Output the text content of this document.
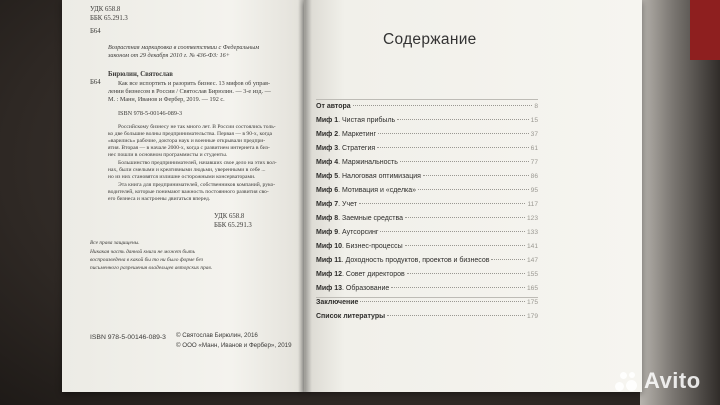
УДК 658.8
ББК 65.291.3
Б64
Возрастная маркировка в соответствии с Федеральным
законом от 29 декабря 2010 г. № 436-ФЗ: 16+
Бирюлин, Святослав
Б64	Как все испортить и разорить бизнес. 13 мифов об управ-
лении бизнесом в России / Святослав Бирюлин. — 3-е изд. —
М. : Манн, Иванов и Фербер, 2019. — 192 с.
ISBN 978-5-00146-089-3
Российскому бизнесу не так много лет. В России состоялись толь-
ко две большие волны предпринимательства. Первая — в 90-х, когда
«варились» рабочие, доктора наук и военные открывали предпри-
ятия. Вторая — в начале 2000-х, когда с развитием интернета в биз-
нес пошли в основном программисты и студенты.
Большинство предпринимателей, начавших свое дело на этих вол-
нах, были смелыми и креативными людьми, уверенными в себе ...
но из них становятся излишне осторожными консерваторами.
Эта книга для предпринимателей, собственников компаний, руко-
водителей, которые понимают важность постоянного развития сво-
его бизнеса и настроены двигаться вперед.
УДК 658.8
ББК 65.291.3
Все права защищены.
Никакая часть данной книги не может быть
воспроизведена в какой бы то ни было форме без
письменного разрешения владельцев авторских прав.
ISBN 978-5-00146-089-3 © Святослав Бирюлин, 2016
© ООО «Манн, Иванов и Фербер», 2019
Содержание
От автора	8
Миф 1. Чистая прибыль	15
Миф 2. Маркетинг	37
Миф 3. Стратегия	61
Миф 4. Маржинальность	77
Миф 5. Налоговая оптимизация	86
Миф 6. Мотивация и «сделка»	95
Миф 7. Учет	117
Миф 8. Заемные средства	123
Миф 9. Аутсорсинг	133
Миф 10. Бизнес-процессы	141
Миф 11. Доходность продуктов, проектов и бизнесов	147
Миф 12. Совет директоров	155
Миф 13. Образование	165
Заключение	175
Список литературы	179
Avito
